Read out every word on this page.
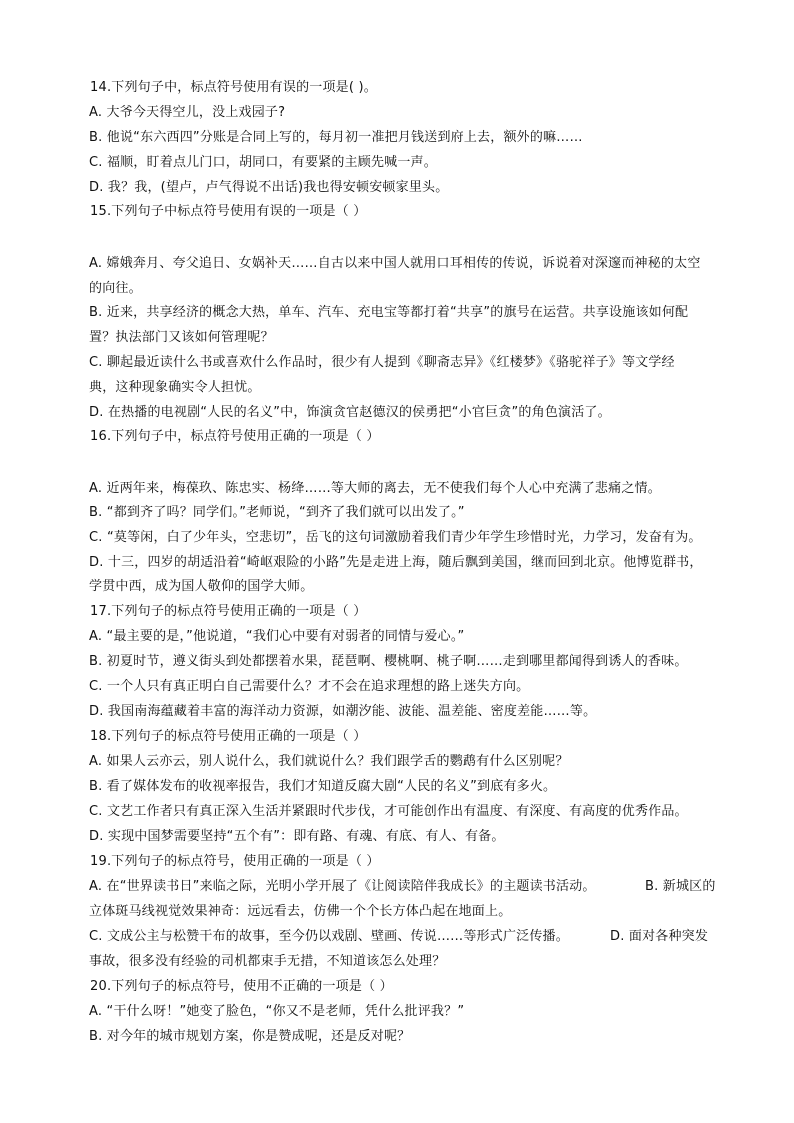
14.下列句子中，标点符号使用有误的一项是( )。
A. 大爷今天得空儿，没上戏园子?
B. 他说“东六西四”分账是合同上写的，每月初一准把月钱送到府上去，额外的嘛……
C. 福顺，盯着点儿门口，胡同口，有要紧的主顾先喊一声。
D. 我？我，(望卢，卢气得说不出话)我也得安顿安顿家里头。
15.下列句子中标点符号使用有误的一项是（ ）
A. 嫦娥奔月、夸父追日、女娲补天……自古以来中国人就用口耳相传的传说，诉说着对深邃而神秘的太空
的向往。
B. 近来，共享经济的概念大热，单车、汽车、充电宝等都打着“共享”的旗号在运营。共享设施该如何配
置？执法部门又该如何管理呢？
C. 聊起最近读什么书或喜欢什么作品时，很少有人提到《聊斋志异》《红楼梦》《骆驼祥子》等文学经
典，这种现象确实令人担忧。
D. 在热播的电视剧“人民的名义”中，饰演贪官赵德汉的侯勇把“小官巨贪”的角色演活了。
16.下列句子中，标点符号使用正确的一项是（ ）
A. 近两年来，梅葆玖、陈忠实、杨绛……等大师的离去，无不使我们每个人心中充满了悲痛之情。
B. “都到齐了吗？同学们。”老师说，“到齐了我们就可以出发了。”
C. “莫等闲，白了少年头，空悲切”，岳飞的这句词激励着我们青少年学生珍惜时光，力学习，发奋有为。
D. 十三，四岁的胡适沿着“崎岖艰险的小路”先是走进上海，随后飘到美国，继而回到北京。他博览群书，
学贯中西，成为国人敬仰的国学大师。
17.下列句子的标点符号使用正确的一项是（ ）
A. “最主要的是，”他说道，“我们心中要有对弱者的同情与爱心。”
B. 初夏时节，遵义街头到处都摆着水果，琵琶啊、樱桃啊、桃子啊……走到哪里都闻得到诱人的香味。
C. 一个人只有真正明白自己需要什么？才不会在追求理想的路上迷失方向。
D. 我国南海蕴藏着丰富的海洋动力资源，如潮汐能、波能、温差能、密度差能……等。
18.下列句子的标点符号使用正确的一项是（ ）
A. 如果人云亦云，别人说什么，我们就说什么？我们跟学舌的鹦鹉有什么区别呢？
B. 看了媒体发布的收视率报告，我们才知道反腐大剧“人民的名义”到底有多火。
C. 文艺工作者只有真正深入生活并紧跟时代步伐，才可能创作出有温度、有深度、有高度的优秀作品。
D. 实现中国梦需要坚持“五个有”：即有路、有魂、有底、有人、有备。
19.下列句子的标点符号，使用正确的一项是（ ）
A. 在“世界读书日”来临之际，光明小学开展了《让阅读陪伴我成长》的主题读书活动。	B. 新城区的
立体斑马线视觉效果神奇：远远看去，仿佛一个个长方体凸起在地面上。
C. 文成公主与松赞干布的故事，至今仍以戏剧、壁画、传说……等形式广泛传播。	D. 面对各种突发
事故，很多没有经验的司机都束手无措，不知道该怎么处理？
20.下列句子的标点符号，使用不正确的一项是（ ）
A. “干什么呀！”她变了脸色，“你又不是老师，凭什么批评我？”
B. 对今年的城市规划方案，你是赞成呢，还是反对呢？
